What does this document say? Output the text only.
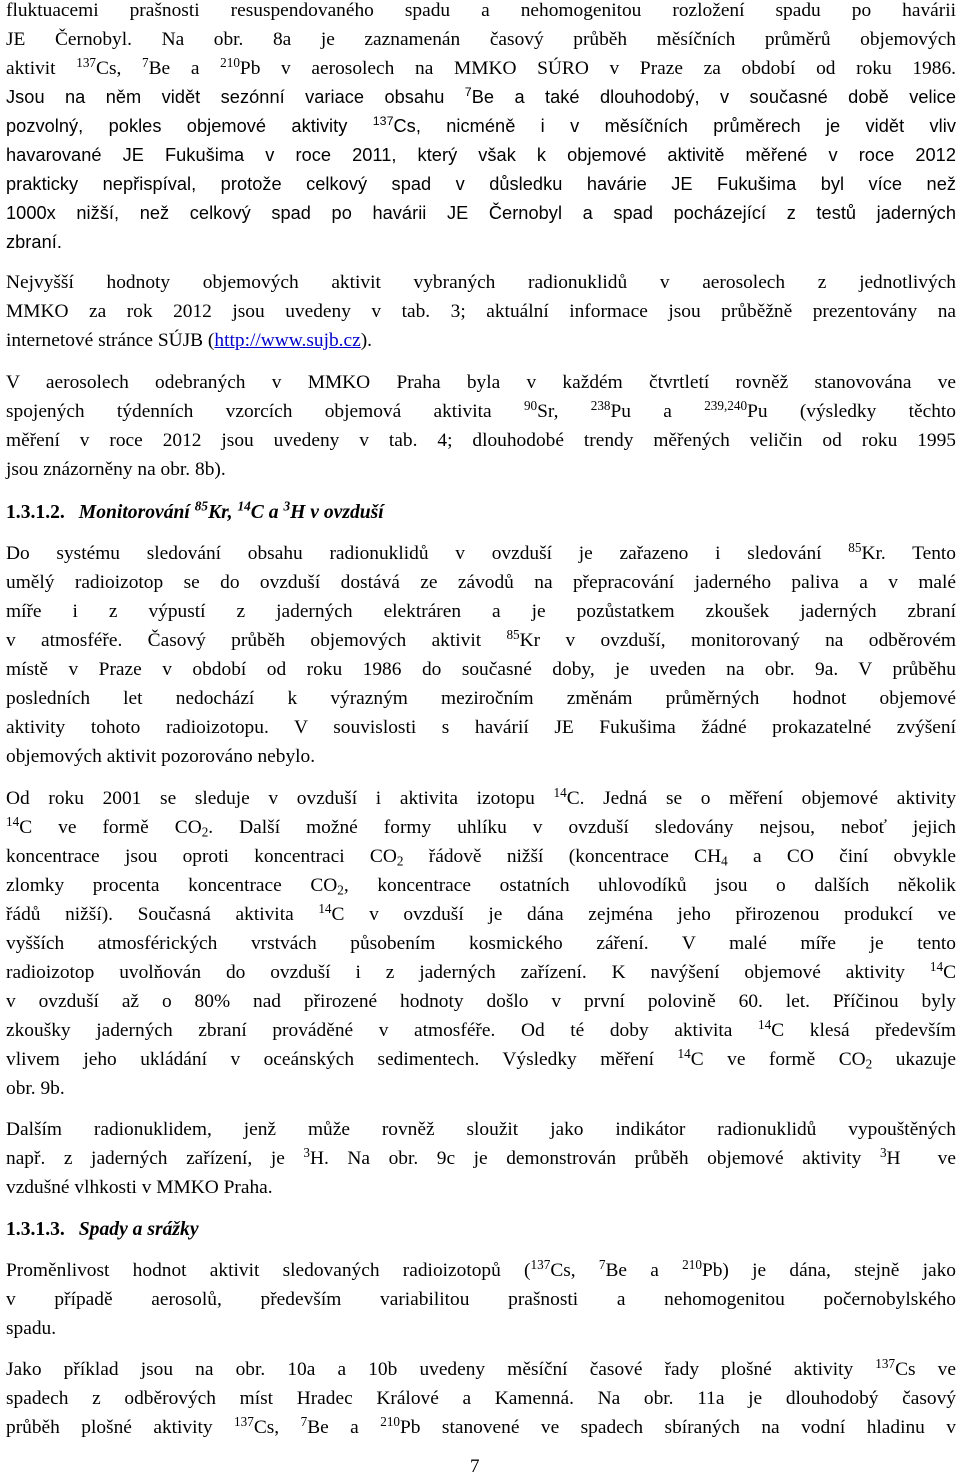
fluktuacemi prašnosti resuspendovaného spadu a nehomogenitou rozložení spadu po havárii
JE Černobyl. Na obr. 8a je zaznamenán časový průběh měsíčních průměrů objemových
aktivit $^{137}$Cs, $^7$Be a $^{210}$Pb v aerosolech na MMKO SÚRO v Praze za období od roku 1986.
Jsou na něm vidět sezónní variace obsahu $^7$Be a také dlouhodobý, v současné době velice
pozvolný, pokles objemové aktivity $^{137}$Cs, nicméně i v měsíčních průměrech je vidět vliv
havarované JE Fukušima v roce 2011, který však k objemové aktivitě měřené v roce 2012
prakticky nepřispíval, protože celkový spad v důsledku havárie JE Fukušima byl více než
1000x nižší, než celkový spad po havárii JE Černobyl a spad pocházející z testů jaderných
zbraní.
Nejvyšší hodnoty objemových aktivit vybraných radionuklidů v aerosolech z jednotlivých
MMKO za rok 2012 jsou uvedeny v tab. 3; aktuální informace jsou průběžně prezentovány na
internetové stránce SÚJB (http://www.sujb.cz).
V aerosolech odebraných v MMKO Praha byla v každém čtvrtletí rovněž stanovována ve
spojených týdenních vzorcích objemová aktivita $^{90}$Sr, $^{238}$Pu a $^{239,240}$Pu (výsledky těchto
měření v roce 2012 jsou uvedeny v tab. 4; dlouhodobé trendy měřených veličin od roku 1995
jsou znázorněny na obr. 8b).
1.3.1.2. Monitorování $^{85}$Kr, $^{14}$C a $^3$H v ovzduší
Do systému sledování obsahu radionuklidů v ovzduší je zařazeno i sledování $^{85}$Kr. Tento
umělý radioizotop se do ovzduší dostává ze závodů na přepracování jaderného paliva a v malé
míře i z výpustí z jaderných elektráren a je pozůstatkem zkoušek jaderných zbraní
v atmosféře. Časový průběh objemových aktivit $^{85}$Kr v ovzduší, monitorovaný na odběrovém
místě v Praze v období od roku 1986 do současné doby, je uveden na obr. 9a. V průběhu
posledních let nedochází k výrazným meziročním změnám průměrných hodnot objemové
aktivity tohoto radioizotopu. V souvislosti s havárií JE Fukušima žádné prokazatelné zvýšení
objemových aktivit pozorováno nebylo.
Od roku 2001 se sleduje v ovzduší i aktivita izotopu $^{14}$C. Jedná se o měření objemové aktivity
$^{14}$C ve formě $CO_2$. Další možné formy uhlíku v ovzduší sledovány nejsou, neboť jejich
koncentrace jsou oproti koncentraci $CO_2$ řádově nižší (koncentrace $CH_4$ a CO činí obvykle
zlomky procenta koncentrace $CO_2$, koncentrace ostatních uhlovodíků jsou o dalších několik
řádů nižší). Současná aktivita $^{14}$C v ovzduší je dána zejména jeho přirozenou produkcí ve
vyšších atmosférických vrstvách působením kosmického záření. V malé míře je tento
radioizotop uvolňován do ovzduší i z jaderných zařízení. K navýšení objemové aktivity $^{14}$C
v ovzduší až o 80% nad přirozené hodnoty došlo v první polovině 60. let. Příčinou byly
zkoušky jaderných zbraní prováděné v atmosféře. Od té doby aktivita $^{14}$C klesá především
vlivem jeho ukládání v oceánských sedimentech. Výsledky měření $^{14}$C ve formě $CO_2$ ukazuje
obr. 9b.
Dalším radionuklidem, jenž může rovněž sloužit jako indikátor radionuklidů vypouštěných
např. z jaderných zařízení, je $^3$H. Na obr. 9c je demonstrován průběh objemové aktivity $^3$H  ve
vzdušné vlhkosti v MMKO Praha.
1.3.1.3. Spady a srážky
Proměnlivost hodnot aktivit sledovaných radioizotopů ($^{137}$Cs, $^7$Be a $^{210}$Pb) je dána, stejně jako
v případě aerosolů, především variabilitou prašnosti a nehomogenitou počernobylského
spadu.
Jako příklad jsou na obr. 10a a 10b uvedeny měsíční časové řady plošné aktivity $^{137}$Cs ve
spadech z odběrových míst Hradec Králové a Kamenná. Na obr. 11a je dlouhodobý časový
průběh plošné aktivity $^{137}$Cs, $^7$Be a $^{210}$Pb stanovené ve spadech sbíraných na vodní hladinu v
7
